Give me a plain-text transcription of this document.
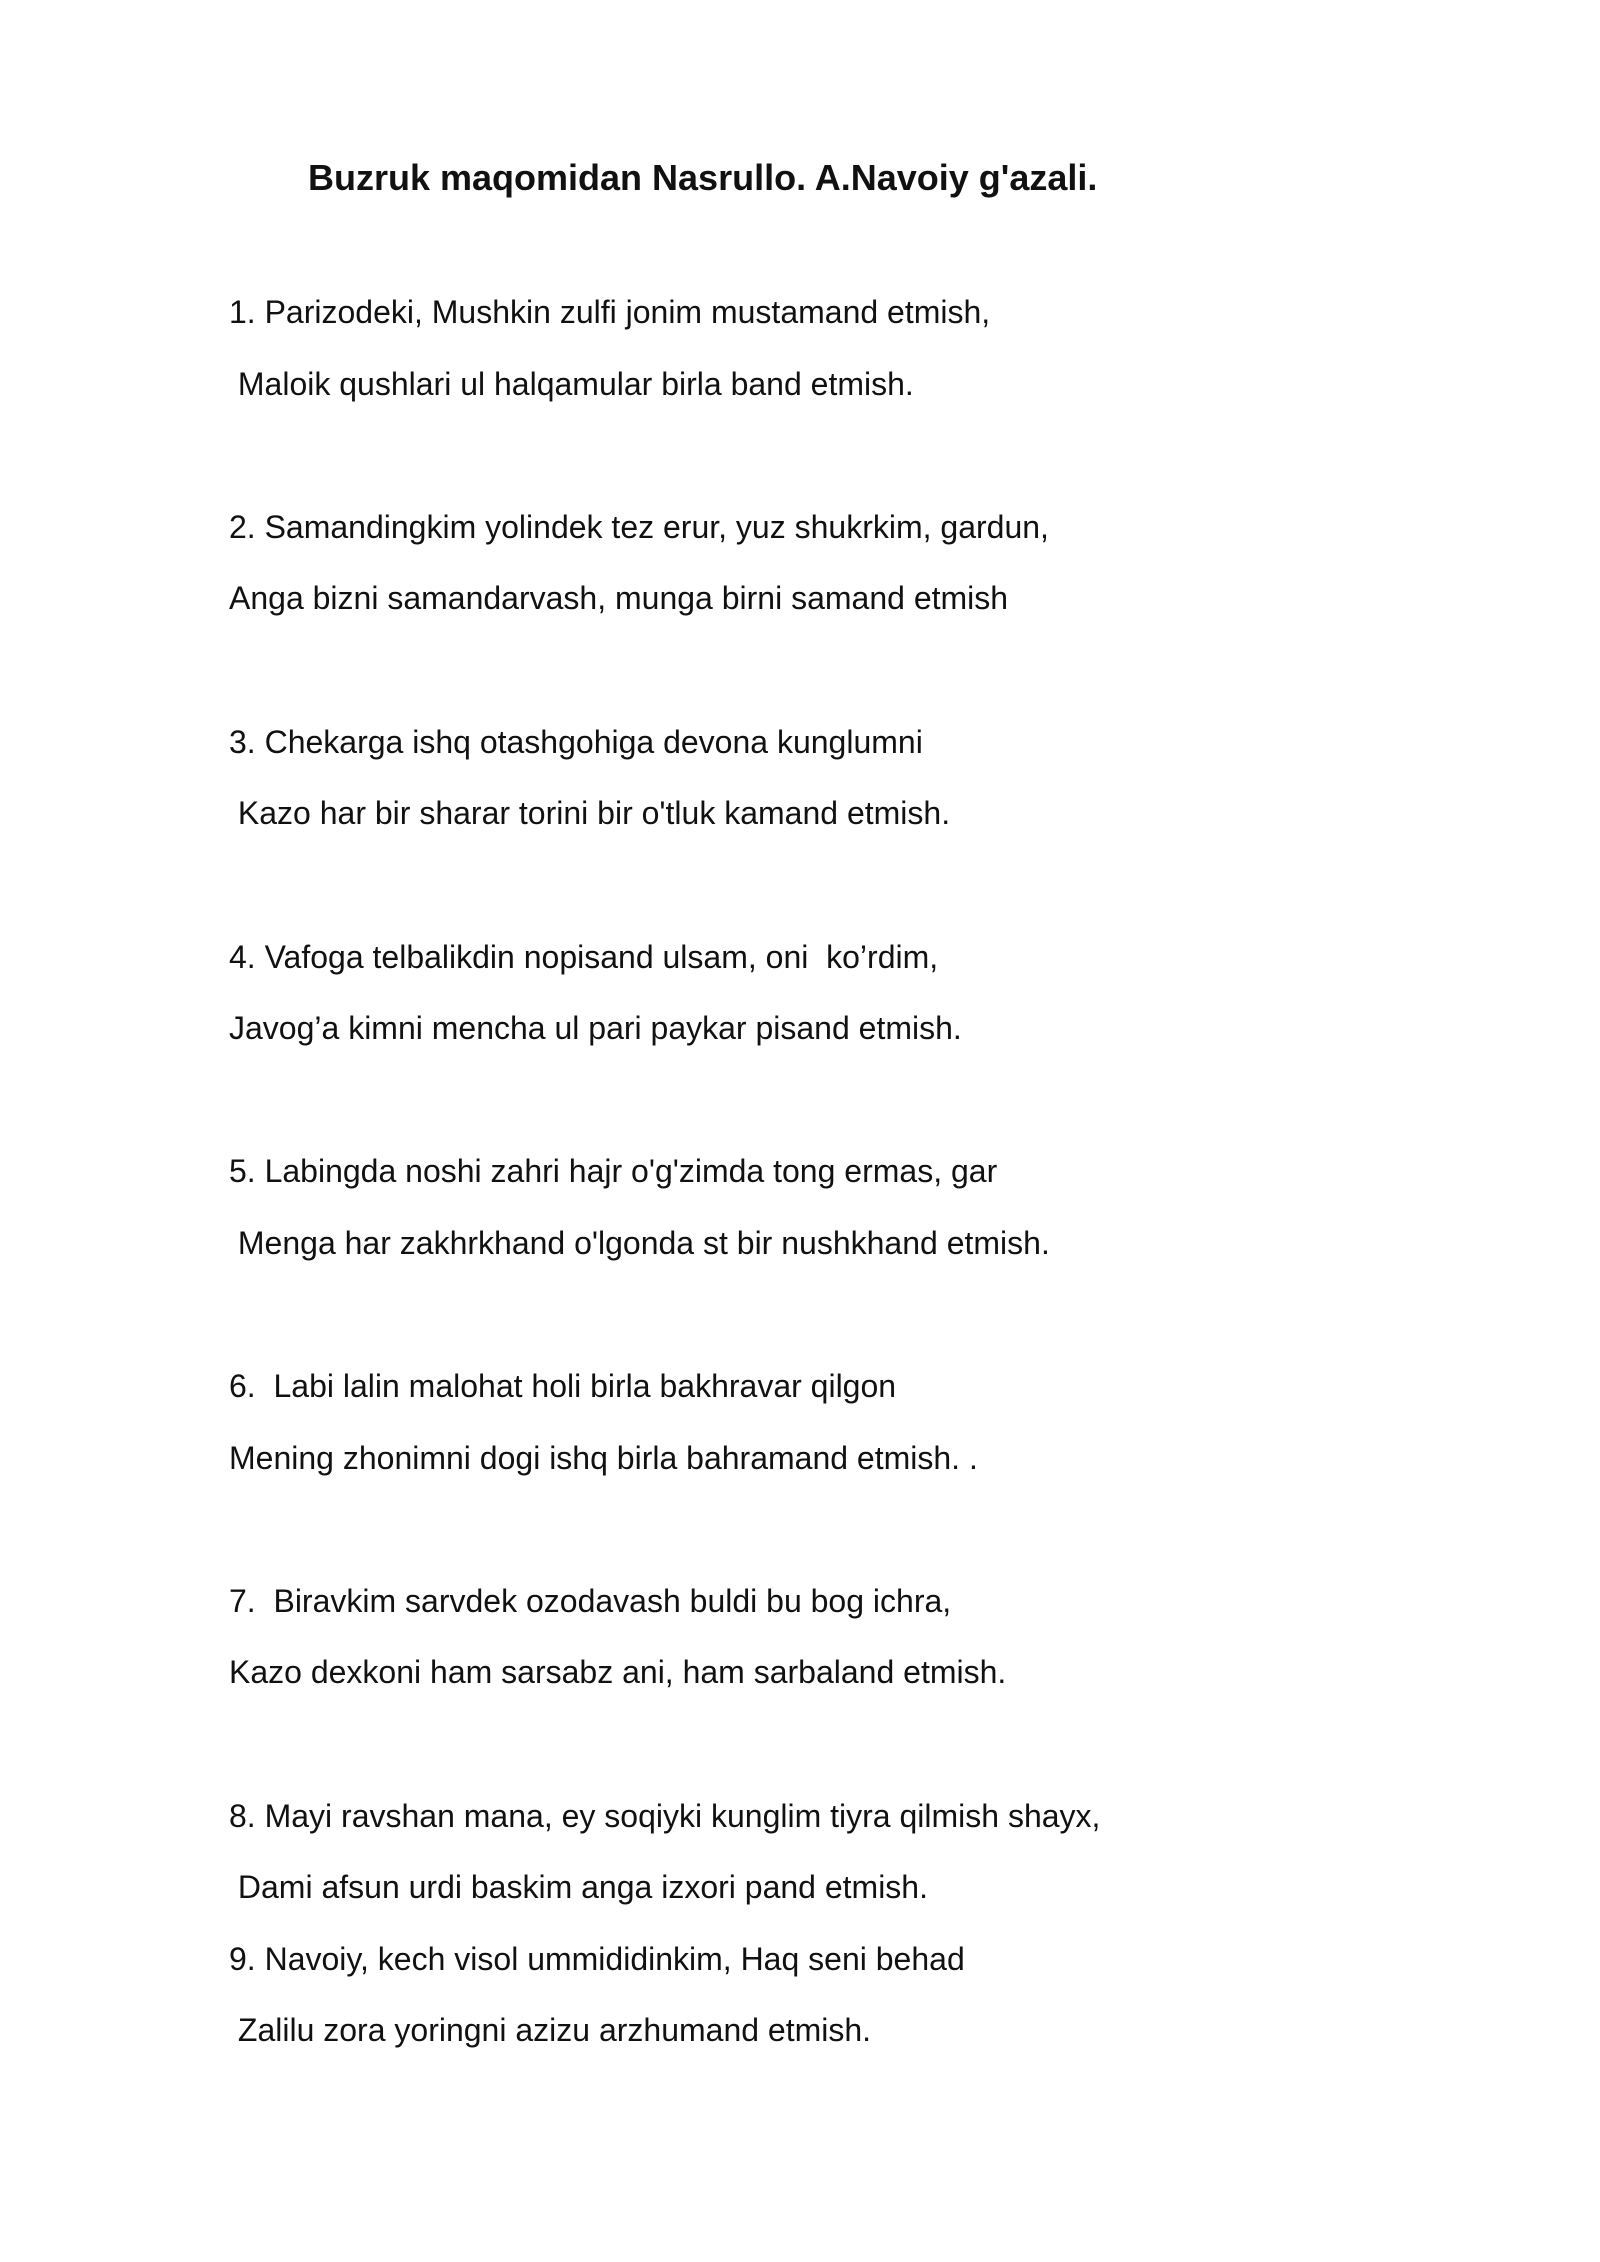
Buzruk maqomidan Nasrullo. A.Navoiy g'azali.
1. Parizodeki, Mushkin zulfi jonim mustamand etmish,
Maloik qushlari ul halqamular birla band etmish.
2. Samandingkim yolindek tez erur, yuz shukrkim, gardun,
Anga bizni samandarvash, munga birni samand etmish
3. Chekarga ishq otashgohiga devona kunglumni
Kazo har bir sharar torini bir o'tluk kamand etmish.
4. Vafoga telbalikdin nopisand ulsam, oni  ko’rdim,
Javog’a kimni mencha ul pari paykar pisand etmish.
5. Labingda noshi zahri hajr o'g'zimda tong ermas, gar
Menga har zakhrkhand o'lgonda st bir nushkhand etmish.
6.  Labi lalin malohat holi birla bakhravar qilgon
Mening zhonimni dogi ishq birla bahramand etmish. .
7.  Biravkim sarvdek ozodavash buldi bu bog ichra,
Kazo dexkoni ham sarsabz ani, ham sarbaland etmish.
8. Mayi ravshan mana, ey soqiyki kunglim tiyra qilmish shayx,
Dami afsun urdi baskim anga izxori pand etmish.
9. Navoiy, kech visol ummididinkim, Haq seni behad
Zalilu zora yoringni azizu arzhumand etmish.
